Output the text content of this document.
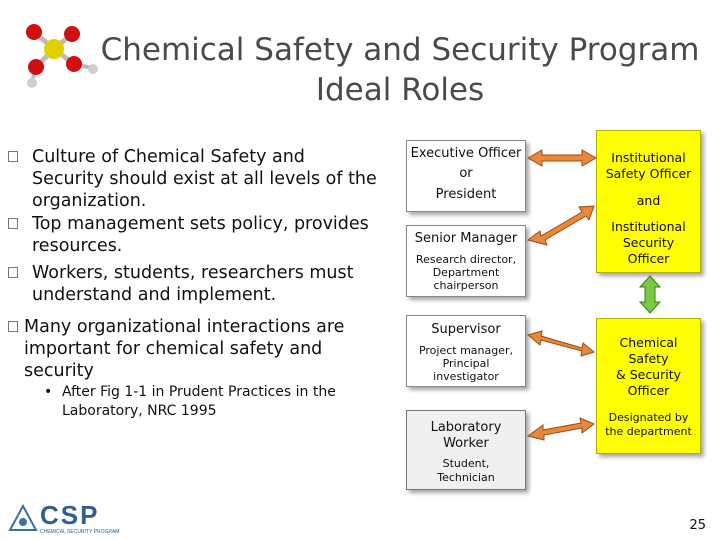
Chemical Safety and Security Program
Ideal Roles
Culture of Chemical Safety and Security should exist at all levels of the organization.
Top management sets policy, provides resources.
Workers, students, researchers must understand and implement.
Many organizational interactions are important for chemical safety and security
• After Fig 1-1 in Prudent Practices in the Laboratory, NRC 1995
Executive Officer
or
President
Senior Manager
Research director,
Department
chairperson
Supervisor
Project manager,
Principal
investigator
Laboratory
Worker
Student,
Technician
Institutional
Safety Officer
and
Institutional
Security
Officer
Chemical
Safety
& Security
Officer
Designated by
the department
CSP
CHEMICAL SECURITY PROGRAM	25
